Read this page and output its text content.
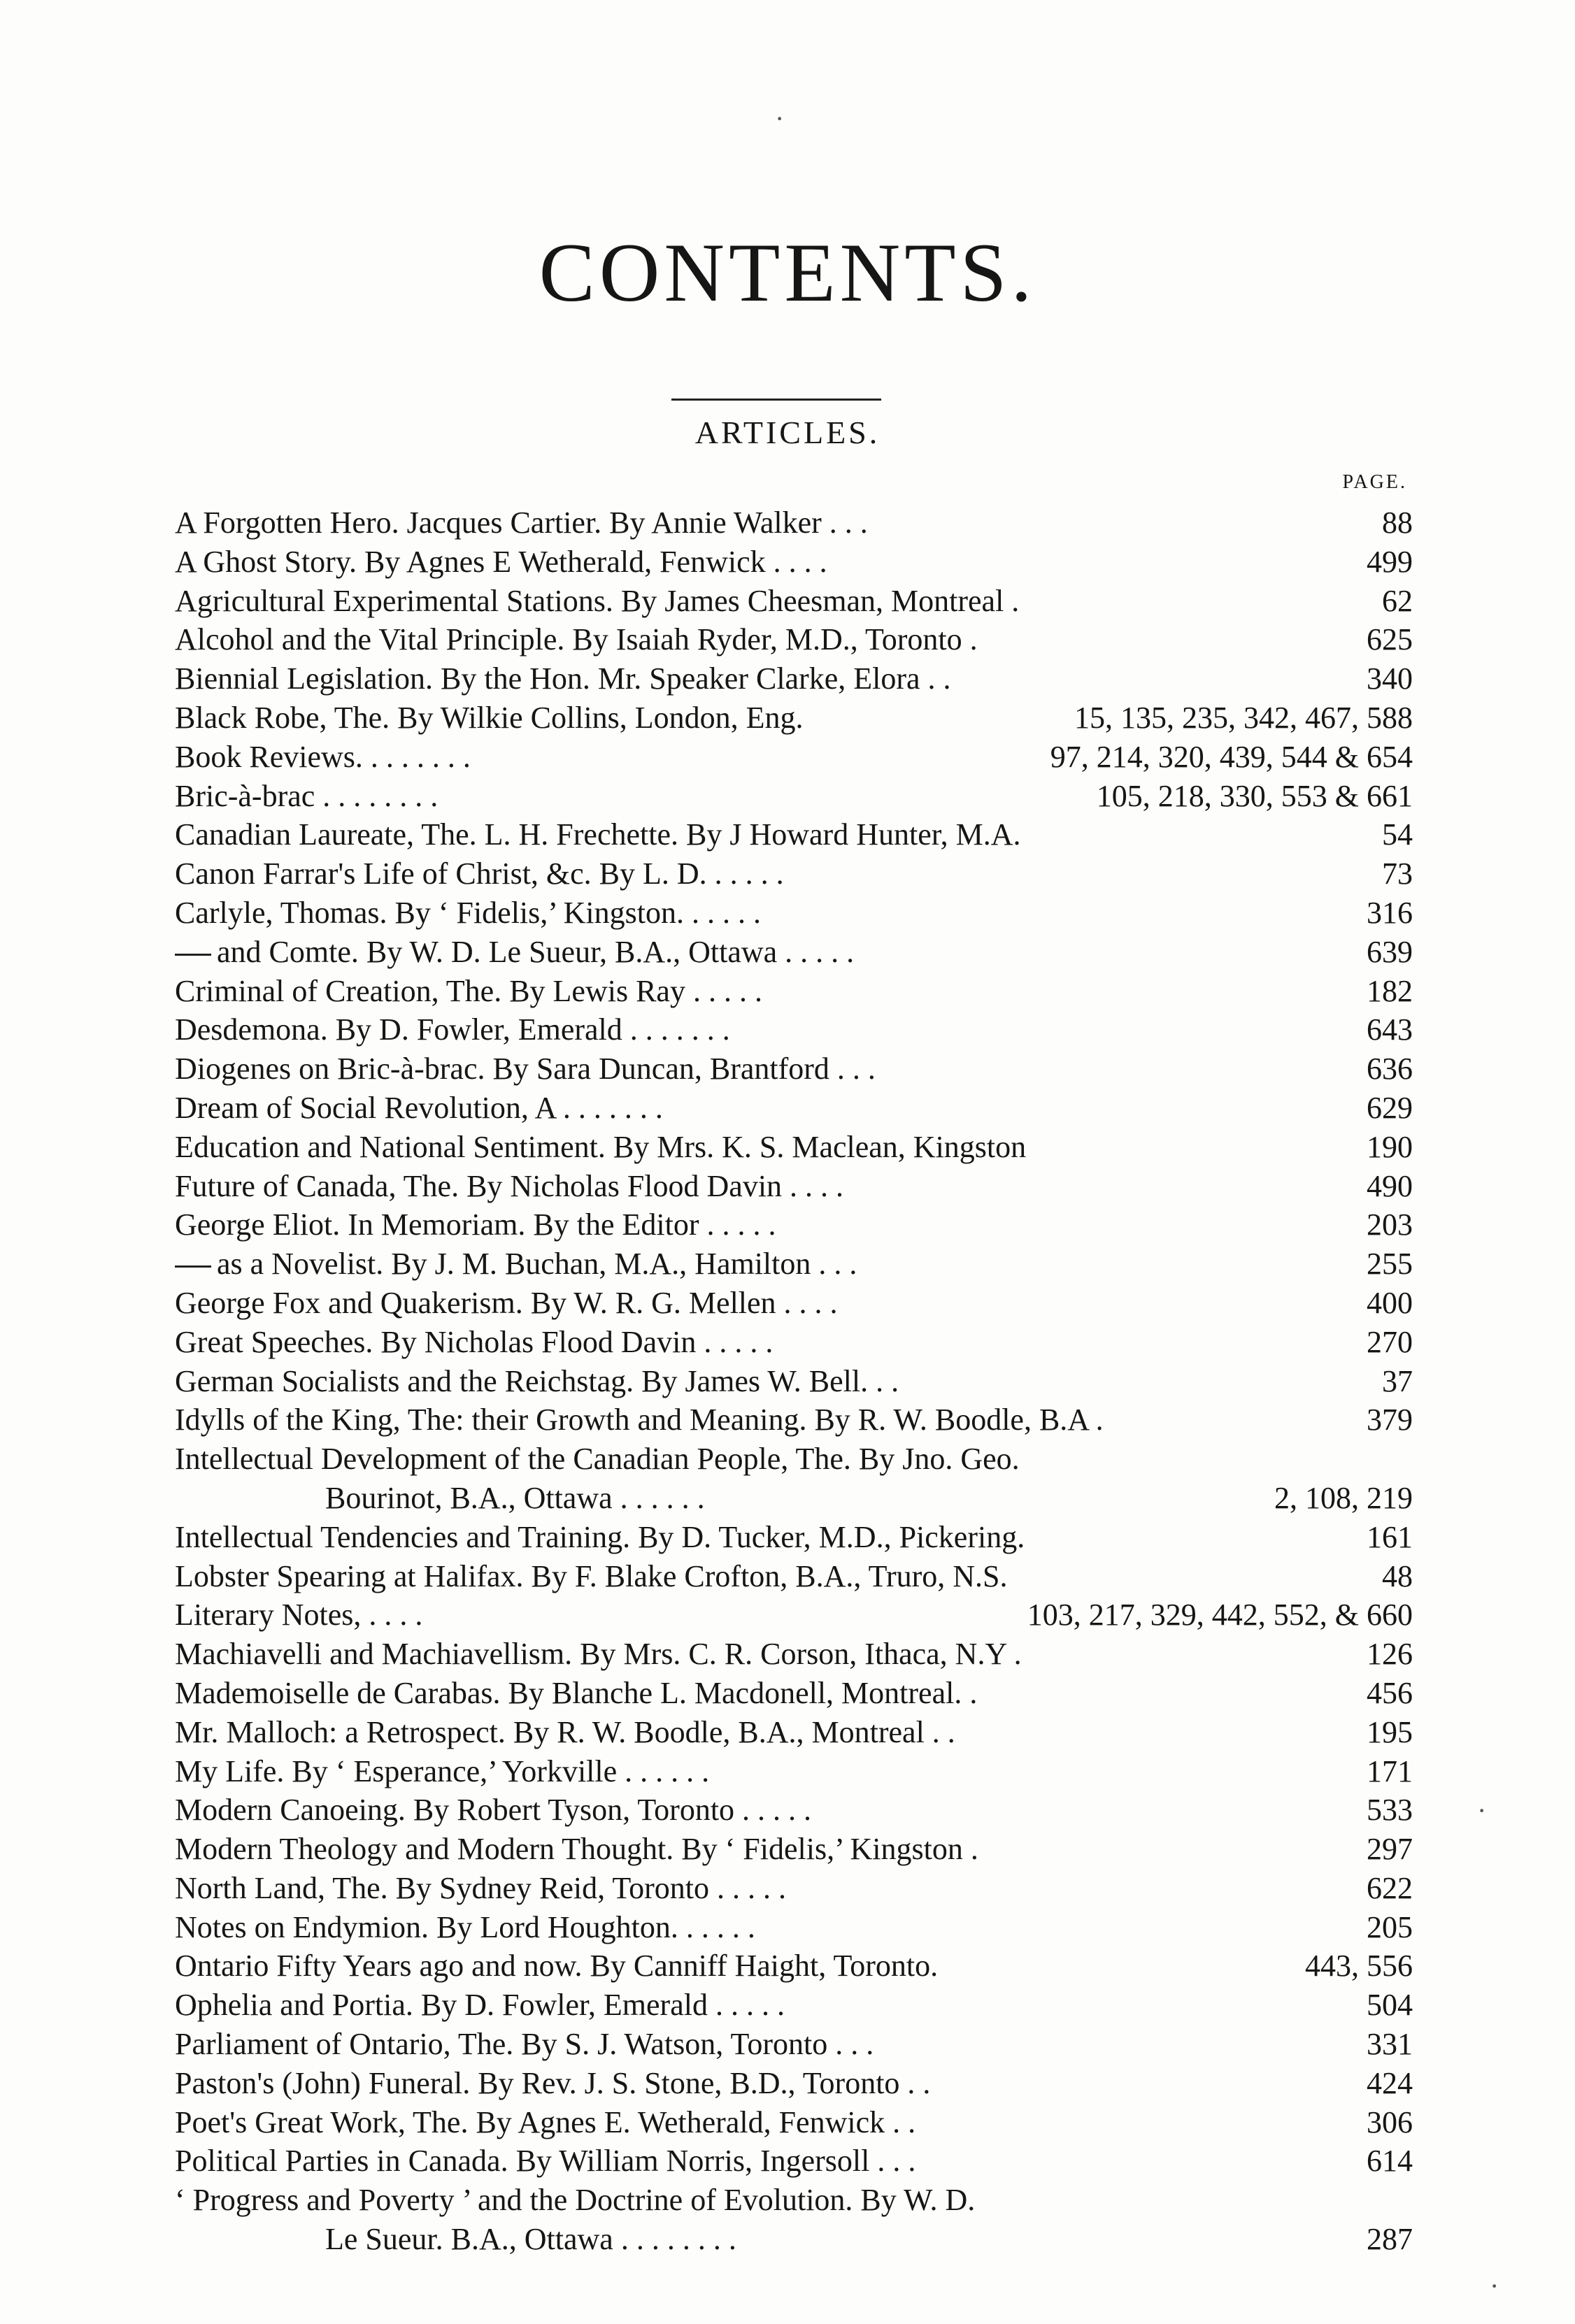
CONTENTS.
ARTICLES.
PAGE.
A Forgotten Hero. Jacques Cartier. By Annie Walker . . .	88
A Ghost Story. By Agnes E Wetherald, Fenwick . . . .	499
Agricultural Experimental Stations. By James Cheesman, Montreal .	62
Alcohol and the Vital Principle. By Isaiah Ryder, M.D., Toronto .	625
Biennial Legislation. By the Hon. Mr. Speaker Clarke, Elora . .	340
Black Robe, The. By Wilkie Collins, London, Eng.	15, 135, 235, 342, 467, 588
Book Reviews. . . . . . . .	97, 214, 320, 439, 544 & 654
Bric-à-brac . . . . . . . .	105, 218, 330, 553 & 661
Canadian Laureate, The. L. H. Frechette. By J Howard Hunter, M.A.	54
Canon Farrar's Life of Christ, &c. By L. D. . . . . .	73
Carlyle, Thomas. By ‘ Fidelis,’ Kingston. . . . . .	316
and Comte. By W. D. Le Sueur, B.A., Ottawa . . . . .	639
Criminal of Creation, The. By Lewis Ray . . . . .	182
Desdemona. By D. Fowler, Emerald . . . . . . .	643
Diogenes on Bric-à-brac. By Sara Duncan, Brantford . . .	636
Dream of Social Revolution, A . . . . . . .	629
Education and National Sentiment. By Mrs. K. S. Maclean, Kingston	190
Future of Canada, The. By Nicholas Flood Davin . . . .	490
George Eliot. In Memoriam. By the Editor . . . . .	203
as a Novelist. By J. M. Buchan, M.A., Hamilton . . .	255
George Fox and Quakerism. By W. R. G. Mellen . . . .	400
Great Speeches. By Nicholas Flood Davin . . . . .	270
German Socialists and the Reichstag. By James W. Bell. . .	37
Idylls of the King, The: their Growth and Meaning. By R. W. Boodle, B.A .	379
Intellectual Development of the Canadian People, The. By Jno. Geo.
Bourinot, B.A., Ottawa . . . . . .	2, 108, 219
Intellectual Tendencies and Training. By D. Tucker, M.D., Pickering.	161
Lobster Spearing at Halifax. By F. Blake Crofton, B.A., Truro, N.S.	48
Literary Notes, . . . .	103, 217, 329, 442, 552, & 660
Machiavelli and Machiavellism. By Mrs. C. R. Corson, Ithaca, N.Y .	126
Mademoiselle de Carabas. By Blanche L. Macdonell, Montreal. .	456
Mr. Malloch: a Retrospect. By R. W. Boodle, B.A., Montreal . .	195
My Life. By ‘ Esperance,’ Yorkville . . . . . .	171
Modern Canoeing. By Robert Tyson, Toronto . . . . .	533
Modern Theology and Modern Thought. By ‘ Fidelis,’ Kingston .	297
North Land, The. By Sydney Reid, Toronto . . . . .	622
Notes on Endymion. By Lord Houghton. . . . . .	205
Ontario Fifty Years ago and now. By Canniff Haight, Toronto.	443, 556
Ophelia and Portia. By D. Fowler, Emerald . . . . .	504
Parliament of Ontario, The. By S. J. Watson, Toronto . . .	331
Paston's (John) Funeral. By Rev. J. S. Stone, B.D., Toronto . .	424
Poet's Great Work, The. By Agnes E. Wetherald, Fenwick . .	306
Political Parties in Canada. By William Norris, Ingersoll . . .	614
‘ Progress and Poverty ’ and the Doctrine of Evolution. By W. D.
Le Sueur. B.A., Ottawa . . . . . . . .	287
·
·
·
